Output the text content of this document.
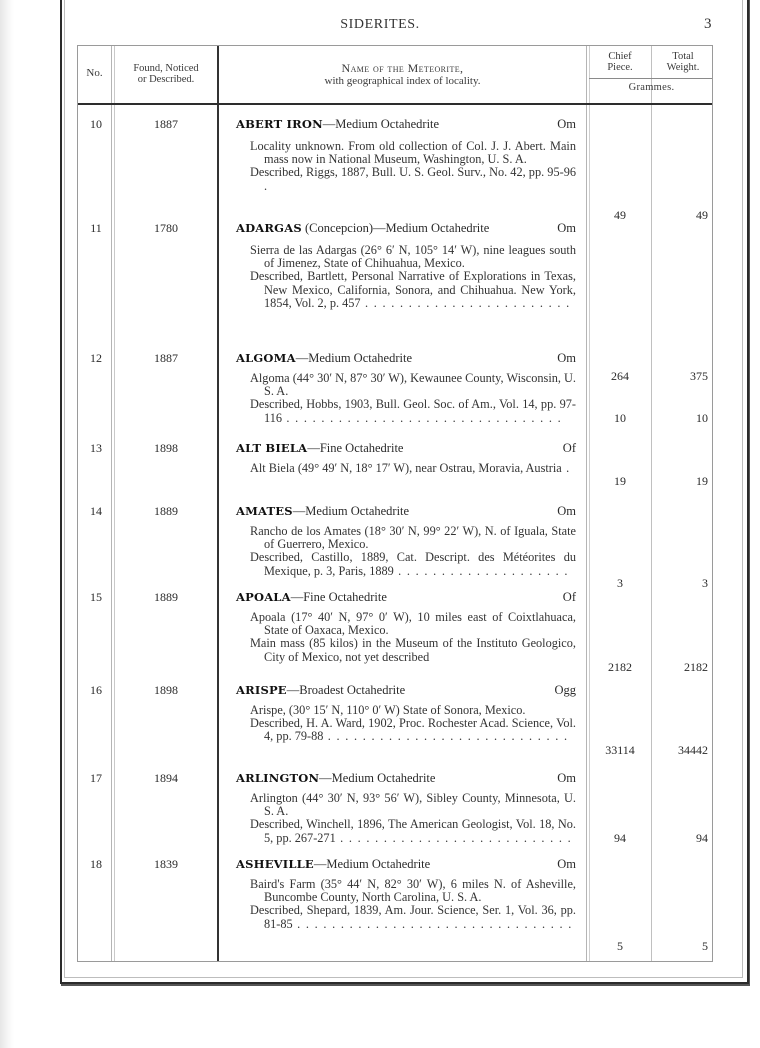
SIDERITES.	3
No.	Found, Noticed
or Described.
Name of the Meteorite,
with geographical index of locality.
Chief
Piece.
Total
Weight.
Grammes.
10	1887	ABERT IRON—Medium Octahedrite	Om
Locality unknown. From old collection of Col. J. J. Abert. Main mass now in National Museum, Washington, U. S. A.
Described, Riggs, 1887, Bull. U. S. Geol. Surv., No. 42, pp. 95-96 .
49	49
11	1780	ADARGAS (Concepcion)—Medium Octahedrite	Om
Sierra de las Adargas (26° 6′ N, 105° 14′ W), nine leagues south of Jimenez, State of Chihuahua, Mexico.
Described, Bartlett, Personal Narrative of Explorations in Texas, New Mexico, California, Sonora, and Chihuahua. New York, 1854, Vol. 2, p. 457 . . . . . . . . . . . . . . . . . . . . . . . .
264	375
12	1887	ALGOMA—Medium Octahedrite	Om
Algoma (44° 30′ N, 87° 30′ W), Kewaunee County, Wisconsin, U. S. A.
Described, Hobbs, 1903, Bull. Geol. Soc. of Am., Vol. 14, pp. 97-116 . . . . . . . . . . . . . . . . . . . . . . . . . . . . . . . .	10	10
13	1898	ALT BIELA—Fine Octahedrite	Of
Alt Biela (49° 49′ N, 18° 17′ W), near Ostrau, Moravia, Austria .
19	19
14	1889	AMATES—Medium Octahedrite	Om
Rancho de los Amates (18° 30′ N, 99° 22′ W), N. of Iguala, State of Guerrero, Mexico.
Described, Castillo, 1889, Cat. Descript. des Météorites du Mexique, p. 3, Paris, 1889 . . . . . . . . . . . . . . . . . . . .
3	3
15	1889	APOALA—Fine Octahedrite	Of
Apoala (17° 40′ N, 97° 0′ W), 10 miles east of Coixtlahuaca, State of Oaxaca, Mexico.
Main mass (85 kilos) in the Museum of the Instituto Geologico, City of Mexico, not yet described
2182	2182
16	1898	ARISPE—Broadest Octahedrite	Ogg
Arispe, (30° 15′ N, 110° 0′ W) State of Sonora, Mexico.
Described, H. A. Ward, 1902, Proc. Rochester Acad. Science, Vol. 4, pp. 79-88 . . . . . . . . . . . . . . . . . . . . . . . . . . . .
33114	34442
17	1894	ARLINGTON—Medium Octahedrite	Om
Arlington (44° 30′ N, 93° 56′ W), Sibley County, Minnesota, U. S. A.
Described, Winchell, 1896, The American Geologist, Vol. 18, No. 5, pp. 267-271 . . . . . . . . . . . . . . . . . . . . . . . . . . .	94	94
18	1839	ASHEVILLE—Medium Octahedrite	Om
Baird's Farm (35° 44′ N, 82° 30′ W), 6 miles N. of Asheville, Buncombe County, North Carolina, U. S. A.
Described, Shepard, 1839, Am. Jour. Science, Ser. 1, Vol. 36, pp. 81-85 . . . . . . . . . . . . . . . . . . . . . . . . . . . . . . . .
5	5
